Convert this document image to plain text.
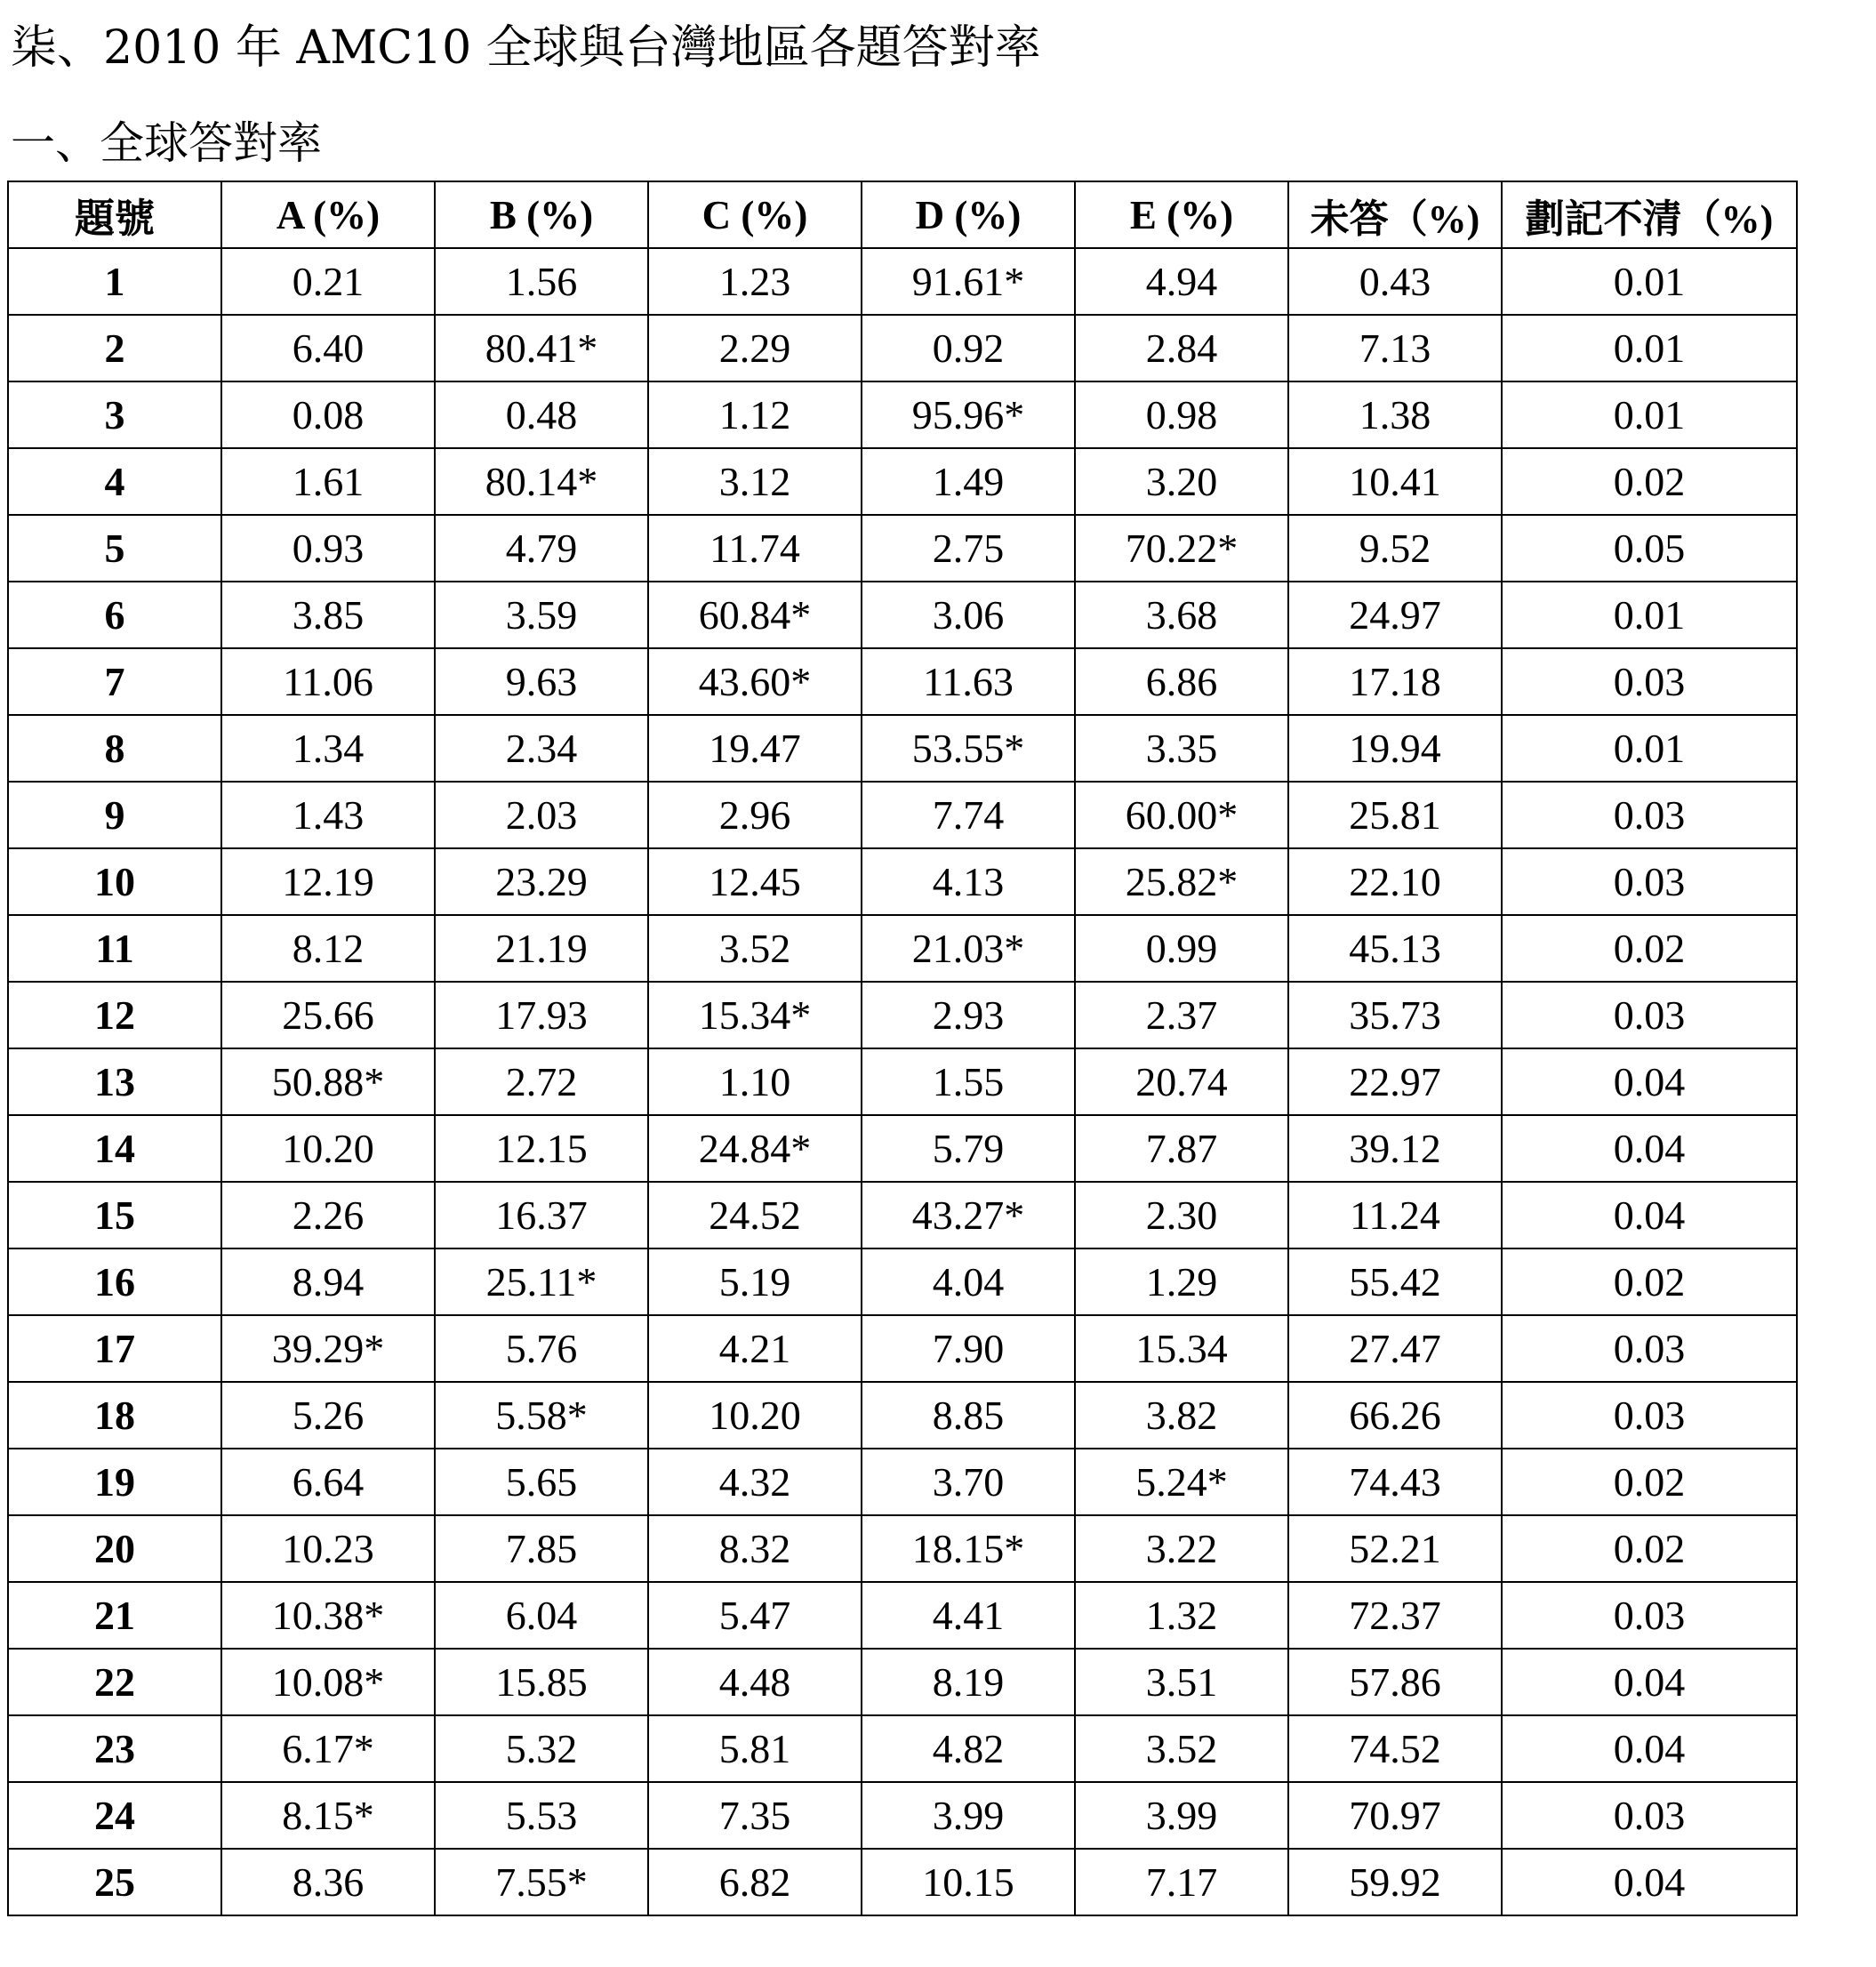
柒、2010 年 AMC10 全球與台灣地區各題答對率
一、全球答對率
題號	A (%)	B (%)	C (%)	D (%)	E (%)	未答（%)	劃記不清（%)
1	0.21	1.56	1.23	91.61*	4.94	0.43	0.01
2	6.40	80.41*	2.29	0.92	2.84	7.13	0.01
3	0.08	0.48	1.12	95.96*	0.98	1.38	0.01
4	1.61	80.14*	3.12	1.49	3.20	10.41	0.02
5	0.93	4.79	11.74	2.75	70.22*	9.52	0.05
6	3.85	3.59	60.84*	3.06	3.68	24.97	0.01
7	11.06	9.63	43.60*	11.63	6.86	17.18	0.03
8	1.34	2.34	19.47	53.55*	3.35	19.94	0.01
9	1.43	2.03	2.96	7.74	60.00*	25.81	0.03
10	12.19	23.29	12.45	4.13	25.82*	22.10	0.03
11	8.12	21.19	3.52	21.03*	0.99	45.13	0.02
12	25.66	17.93	15.34*	2.93	2.37	35.73	0.03
13	50.88*	2.72	1.10	1.55	20.74	22.97	0.04
14	10.20	12.15	24.84*	5.79	7.87	39.12	0.04
15	2.26	16.37	24.52	43.27*	2.30	11.24	0.04
16	8.94	25.11*	5.19	4.04	1.29	55.42	0.02
17	39.29*	5.76	4.21	7.90	15.34	27.47	0.03
18	5.26	5.58*	10.20	8.85	3.82	66.26	0.03
19	6.64	5.65	4.32	3.70	5.24*	74.43	0.02
20	10.23	7.85	8.32	18.15*	3.22	52.21	0.02
21	10.38*	6.04	5.47	4.41	1.32	72.37	0.03
22	10.08*	15.85	4.48	8.19	3.51	57.86	0.04
23	6.17*	5.32	5.81	4.82	3.52	74.52	0.04
24	8.15*	5.53	7.35	3.99	3.99	70.97	0.03
25	8.36	7.55*	6.82	10.15	7.17	59.92	0.04
